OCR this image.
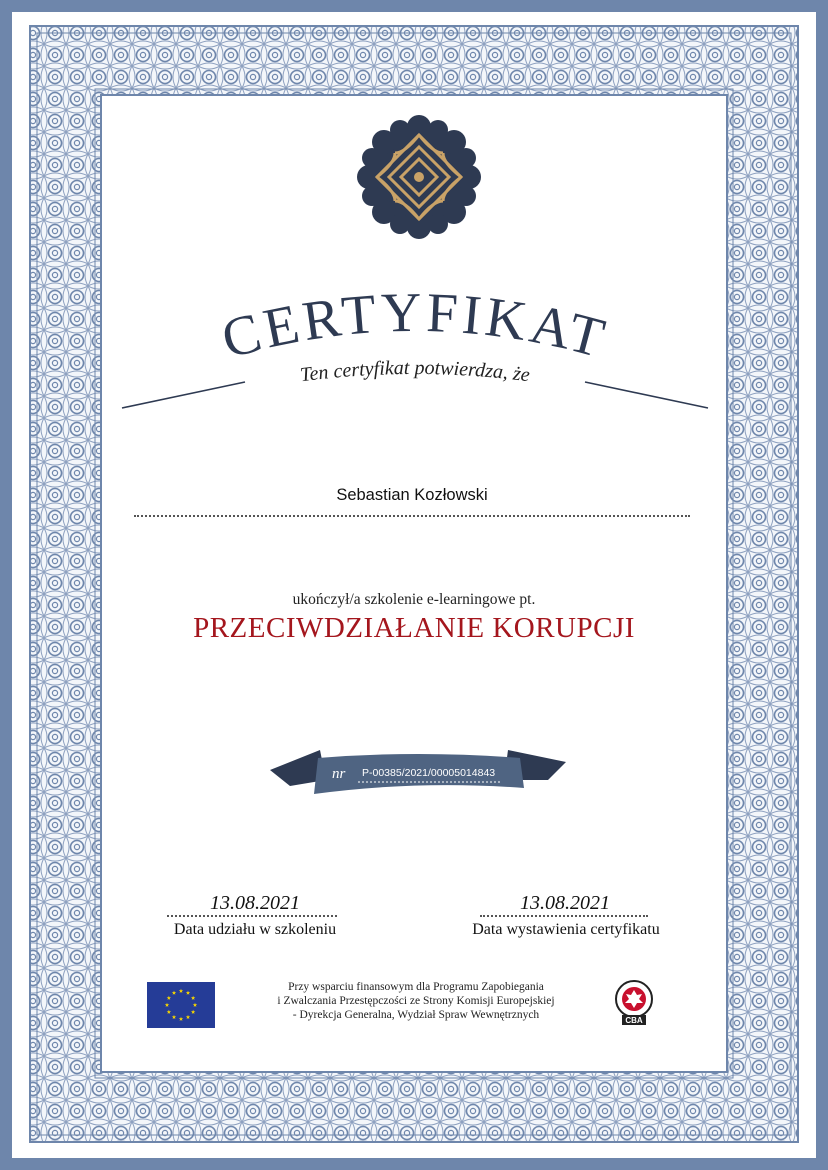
CERTYFIKAT
Ten certyfikat potwierdza, że
Sebastian Kozłowski
ukończył/a szkolenie e-learningowe pt.
PRZECIWDZIAŁANIE KORUPCJI
nr P-00385/2021/00005014843
13.08.2021
Data udziału w szkoleniu
13.08.2021
Data wystawienia certyfikatu
Przy wsparciu finansowym dla Programu Zapobiegania
i Zwalczania Przestępczości ze Strony Komisji Europejskiej
- Dyrekcja Generalna, Wydział Spraw Wewnętrznych	CBA
